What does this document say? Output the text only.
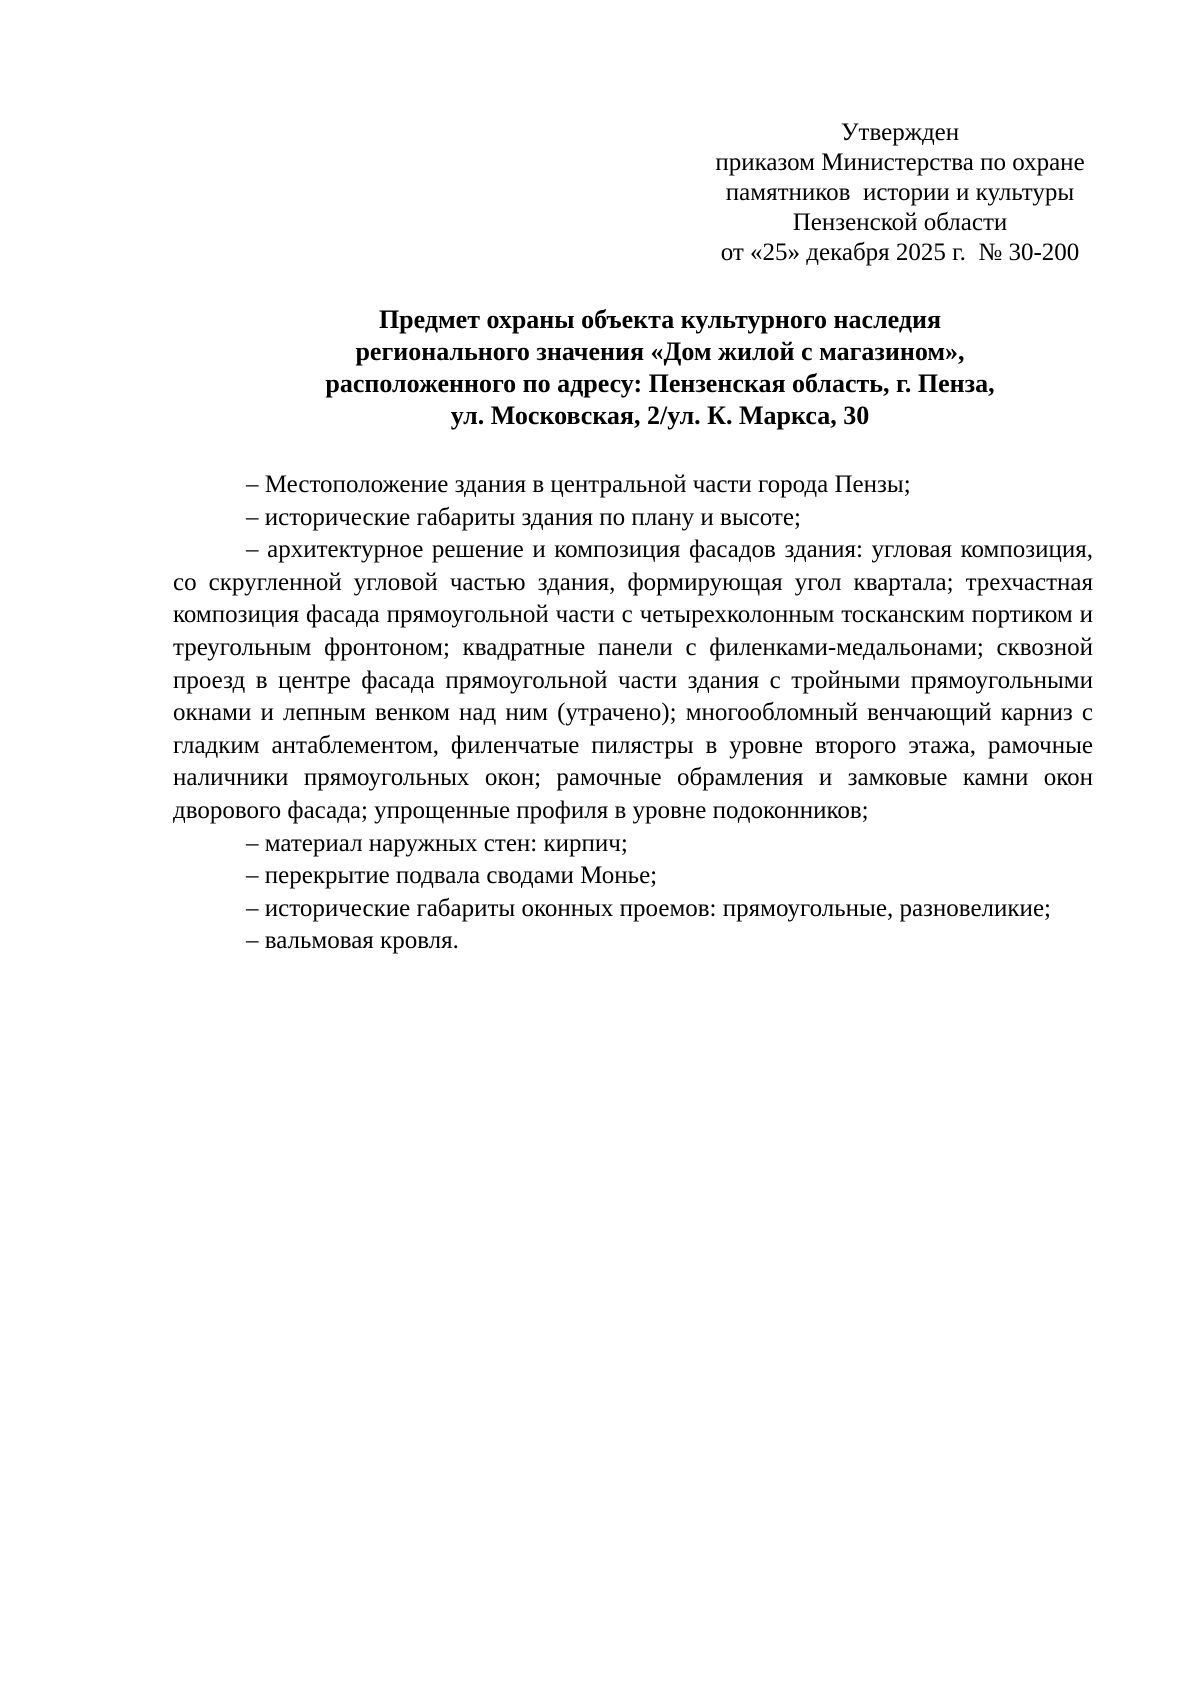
Утвержден
приказом Министерства по охране
памятников  истории и культуры
Пензенской области
от «25» декабря 2025 г.  № 30-200
Предмет охраны объекта культурного наследия
регионального значения «Дом жилой с магазином»,
расположенного по адресу: Пензенская область, г. Пенза,
ул. Московская, 2/ул. К. Маркса, 30

– Местоположение здания в центральной части города Пензы;

– исторические габариты здания по плану и высоте;

– архитектурное решение и композиция фасадов здания: угловая композиция, со скругленной угловой частью здания, формирующая угол квартала; трехчастная композиция фасада прямоугольной части с четырехколонным тосканским портиком и треугольным фронтоном; квадратные панели с филенками-медальонами; сквозной проезд в центре фасада прямоугольной части здания с тройными прямоугольными окнами и лепным венком над ним (утрачено); многообломный венчающий карниз с гладким антаблементом, филенчатые пилястры в уровне второго этажа, рамочные наличники прямоугольных окон; рамочные обрамления и замковые камни окон дворового фасада; упрощенные профиля в уровне подоконников;

– материал наружных стен: кирпич;

– перекрытие подвала сводами Монье;

– исторические габариты оконных проемов: прямоугольные, разновеликие;

– вальмовая кровля.
